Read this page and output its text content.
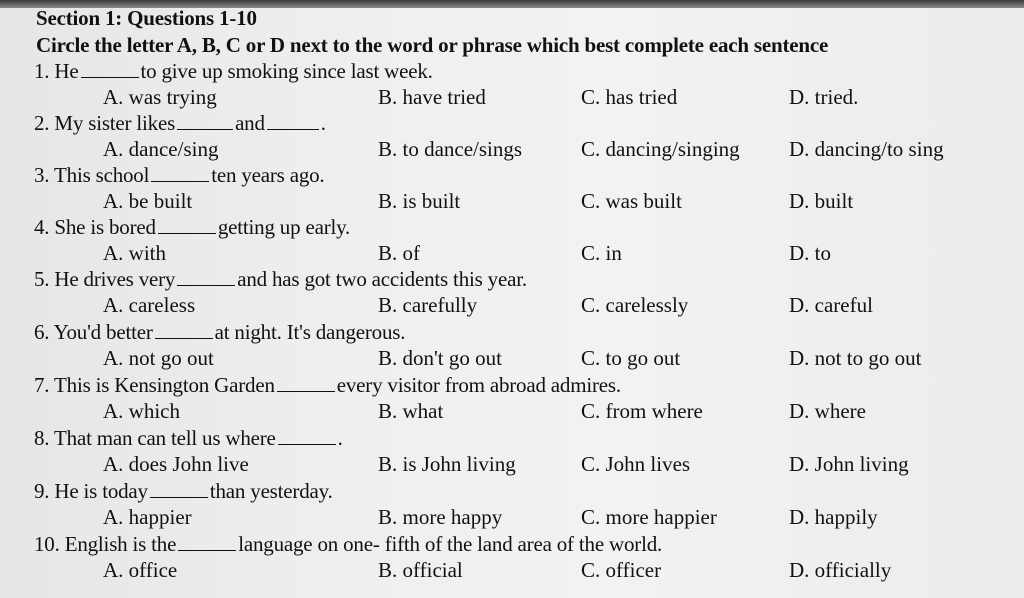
Section 1: Questions 1-10
Circle the letter A, B, C or D next to the word or phrase which best complete each sentence
1. He	to give up smoking since last week.
A. was trying	B. have tried	C. has tried	D. tried.
2. My sister likes	and	.
A. dance/sing	B. to dance/sings	C. dancing/singing D. dancing/to sing
3. This school	ten years ago.
A. be built	B. is built	C. was built	D. built
4. She is bored	getting up early.
A. with	B. of	C. in	D. to
5. He drives very	and has got two accidents this year.
A. careless	B. carefully	C. carelessly	D. careful
6. You'd better	at night. It's dangerous.
A. not go out	B. don't go out	C. to go out	D. not to go out
7. This is Kensington Garden	every visitor from abroad admires.
A. which	B. what	C. from where	D. where
8. That man can tell us where	.
A. does John live	B. is John living	C. John lives	D. John living
9. He is today	than yesterday.
A. happier	B. more happy	C. more happier	D. happily
10. English is the	language on one- fifth of the land area of the world.
A. office	B. official	C. officer	D. officially
